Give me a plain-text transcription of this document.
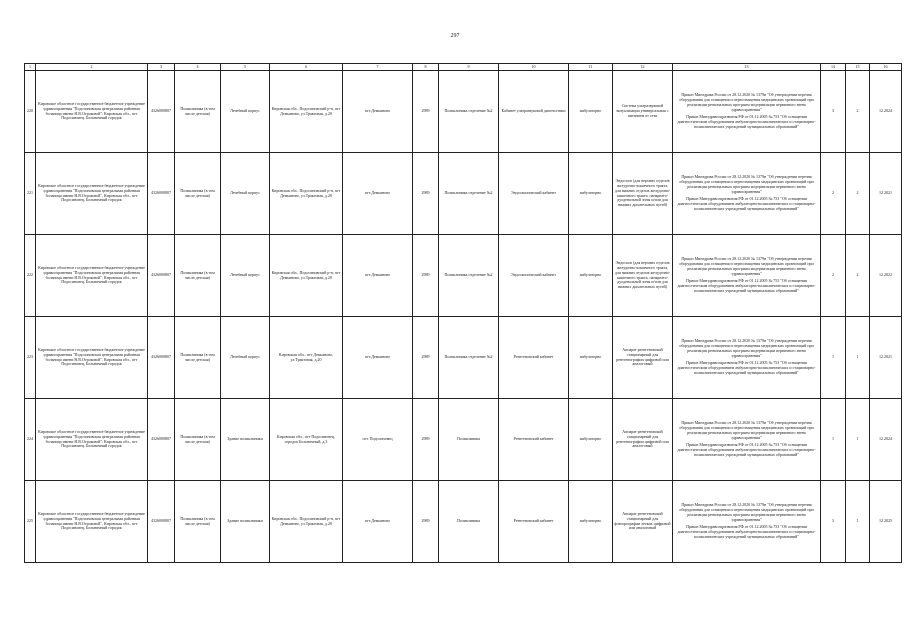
297
1	2	3	4	5	6	7	8	9	10	11	12	13	14	15	16
220	Кировское областное государственное бюджетное учреждение здравоохранения "Подосиновская центральная районная больница имени Н.В.Отроковой", Кировская обл., пгт Подосиновец, Больничный городок	4326000807	Поликлиника (в том числе детская)	Лечебный корпус	Кировская обл., Подосиновский р-н, пгт Демьяново, ул.Трактовая, д.20	пгт.Демьяново	2989	Поликлиника отделение №2	Кабинет ультразвуковой диагностики	амбулаторно	Система ультразвуковой визуализации универсальная с питанием от сети	Приказ Минздрава России от 28.12.2020 № 1379н "Об утверждении перечня оборудования для оснащения и переоснащения медицинских организаций при реализации региональных программ модернизации первичного звена здравоохранения"
Приказ Минздравсоцразвития РФ от 01.12.2005 № 753 "Об оснащении диагностическим оборудованием амбулаторно-поликлинических и стационарно-поликлинических учреждений муниципальных образований"	3	2	12.2024
221	Кировское областное государственное бюджетное учреждение здравоохранения "Подосиновская центральная районная больница имени Н.В.Отроковой", Кировская обл., пгт Подосиновец, Больничный городок	4326000807	Поликлиника (в том числе детская)	Лечебный корпус	Кировская обл., Подосиновский р-н, пгт Демьяново, ул.Трактовая, д.20	пгт.Демьяново	2989	Поликлиника отделение №2	Эндоскопический кабинет	амбулаторно	Эндоскоп (для верхних отделов желудочно-кишечного тракта, для нижних отделов желудочно-кишечного тракта, панкреато-дуоденальной зоны и/или для нижних дыхательных путей)	Приказ Минздрава России от 28.12.2020 № 1379н "Об утверждении перечня оборудования для оснащения и переоснащения медицинских организаций при реализации региональных программ модернизации первичного звена здравоохранения"
Приказ Минздравсоцразвития РФ от 01.12.2005 № 753 "Об оснащении диагностическим оборудованием амбулаторно-поликлинических и стационарно-поликлинических учреждений муниципальных образований"	2	2	12.2021
222	Кировское областное государственное бюджетное учреждение здравоохранения "Подосиновская центральная районная больница имени Н.В.Отроковой", Кировская обл., пгт Подосиновец, Больничный городок	4326000807	Поликлиника (в том числе детская)	Лечебный корпус	Кировская обл., Подосиновский р-н, пгт Демьяново, ул.Трактовая, д.20	пгт.Демьяново	2989	Поликлиника отделение №2	Эндоскопический кабинет	амбулаторно	Эндоскоп (для верхних отделов желудочно-кишечного тракта, для нижних отделов желудочно-кишечного тракта, панкреато-дуоденальной зоны и/или для нижних дыхательных путей)	Приказ Минздрава России от 28.12.2020 № 1379н "Об утверждении перечня оборудования для оснащения и переоснащения медицинских организаций при реализации региональных программ модернизации первичного звена здравоохранения"
Приказ Минздравсоцразвития РФ от 01.12.2005 № 753 "Об оснащении диагностическим оборудованием амбулаторно-поликлинических и стационарно-поликлинических учреждений муниципальных образований"	2	2	12.2022
223	Кировское областное государственное бюджетное учреждение здравоохранения "Подосиновская центральная районная больница имени Н.В.Отроковой", Кировская обл., пгт Подосиновец, Больничный городок	4326000807	Поликлиника (в том числе детская)	Лечебный корпус	Кировская обл., пгт Демьяново, ул.Трактовая, д.20	пгт.Демьяново	2989	Поликлиника отделение №2	Рентгеновский кабинет	амбулаторно	Аппарат рентгеновский стационарный для рентгенографии цифровой или аналоговый	Приказ Минздрава России от 28.12.2020 № 1379н "Об утверждении перечня оборудования для оснащения и переоснащения медицинских организаций при реализации региональных программ модернизации первичного звена здравоохранения"
Приказ Минздравсоцразвития РФ от 01.12.2005 № 753 "Об оснащении диагностическим оборудованием амбулаторно-поликлинических и стационарно-поликлинических учреждений муниципальных образований"	1	1	12.2021
224	Кировское областное государственное бюджетное учреждение здравоохранения "Подосиновская центральная районная больница имени Н.В.Отроковой", Кировская обл., пгт Подосиновец, Больничный городок	4326000807	Поликлиника (в том числе детская)	Здание поликлиники	Кировская обл., пгт Подосиновец, городок Больничный, д.3	пгт. Подосиновец	2989	Поликлиника	Рентгеновский кабинет	амбулаторно	Аппарат рентгеновский стационарный для рентгенографии цифровой или аналоговый	Приказ Минздрава России от 28.12.2020 № 1379н "Об утверждении перечня оборудования для оснащения и переоснащения медицинских организаций при реализации региональных программ модернизации первичного звена здравоохранения"
Приказ Минздравсоцразвития РФ от 01.12.2005 № 753 "Об оснащении диагностическим оборудованием амбулаторно-поликлинических и стационарно-поликлинических учреждений муниципальных образований"	1	1	12.2024
225	Кировское областное государственное бюджетное учреждение здравоохранения "Подосиновская центральная районная больница имени Н.В.Отроковой", Кировская обл., пгт Подосиновец, Больничный городок	4326000807	Поликлиника (в том числе детская)	Здание поликлиники	Кировская обл., Подосиновский р-н, пгт Демьяново, ул.Трактовая, д.20	пгт.Демьяново	2989	Поликлиника	Рентгеновский кабинет	амбулаторно	Аппарат рентгеновский стационарный для флюорографии легких цифровой или аналоговый	Приказ Минздрава России от 28.12.2020 № 1379н "Об утверждении перечня оборудования для оснащения и переоснащения медицинских организаций при реализации региональных программ модернизации первичного звена здравоохранения"
Приказ Минздравсоцразвития РФ от 01.12.2005 № 753 "Об оснащении диагностическим оборудованием амбулаторно-поликлинических и стационарно-поликлинических учреждений муниципальных образований"	3	1	12.2025
